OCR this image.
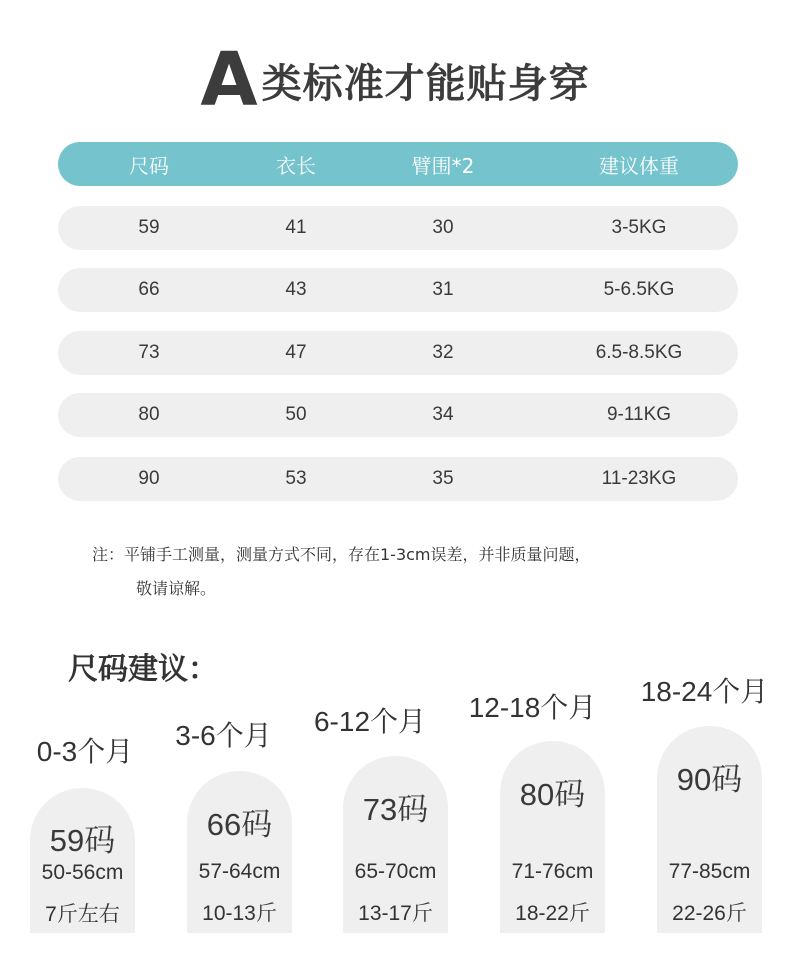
A 类标准才能贴身穿
尺码	衣长	臂围*2	建议体重
59	41	30	3-5KG
66	43	31	5-6.5KG
73	47	32	6.5-8.5KG
80	50	34	9-11KG
90	53	35	11-23KG
注：平铺手工测量，测量方式不同，存在1-3cm误差，并非质量问题，
敬请谅解。
尺码建议：
0-3个月
3-6个月	6-12个月	12-18个月
18-24个月
59码
50-56cm
7斤左右
66码
57-64cm
10-13斤
73码
65-70cm
13-17斤
80码
71-76cm
18-22斤
90码
77-85cm
22-26斤
